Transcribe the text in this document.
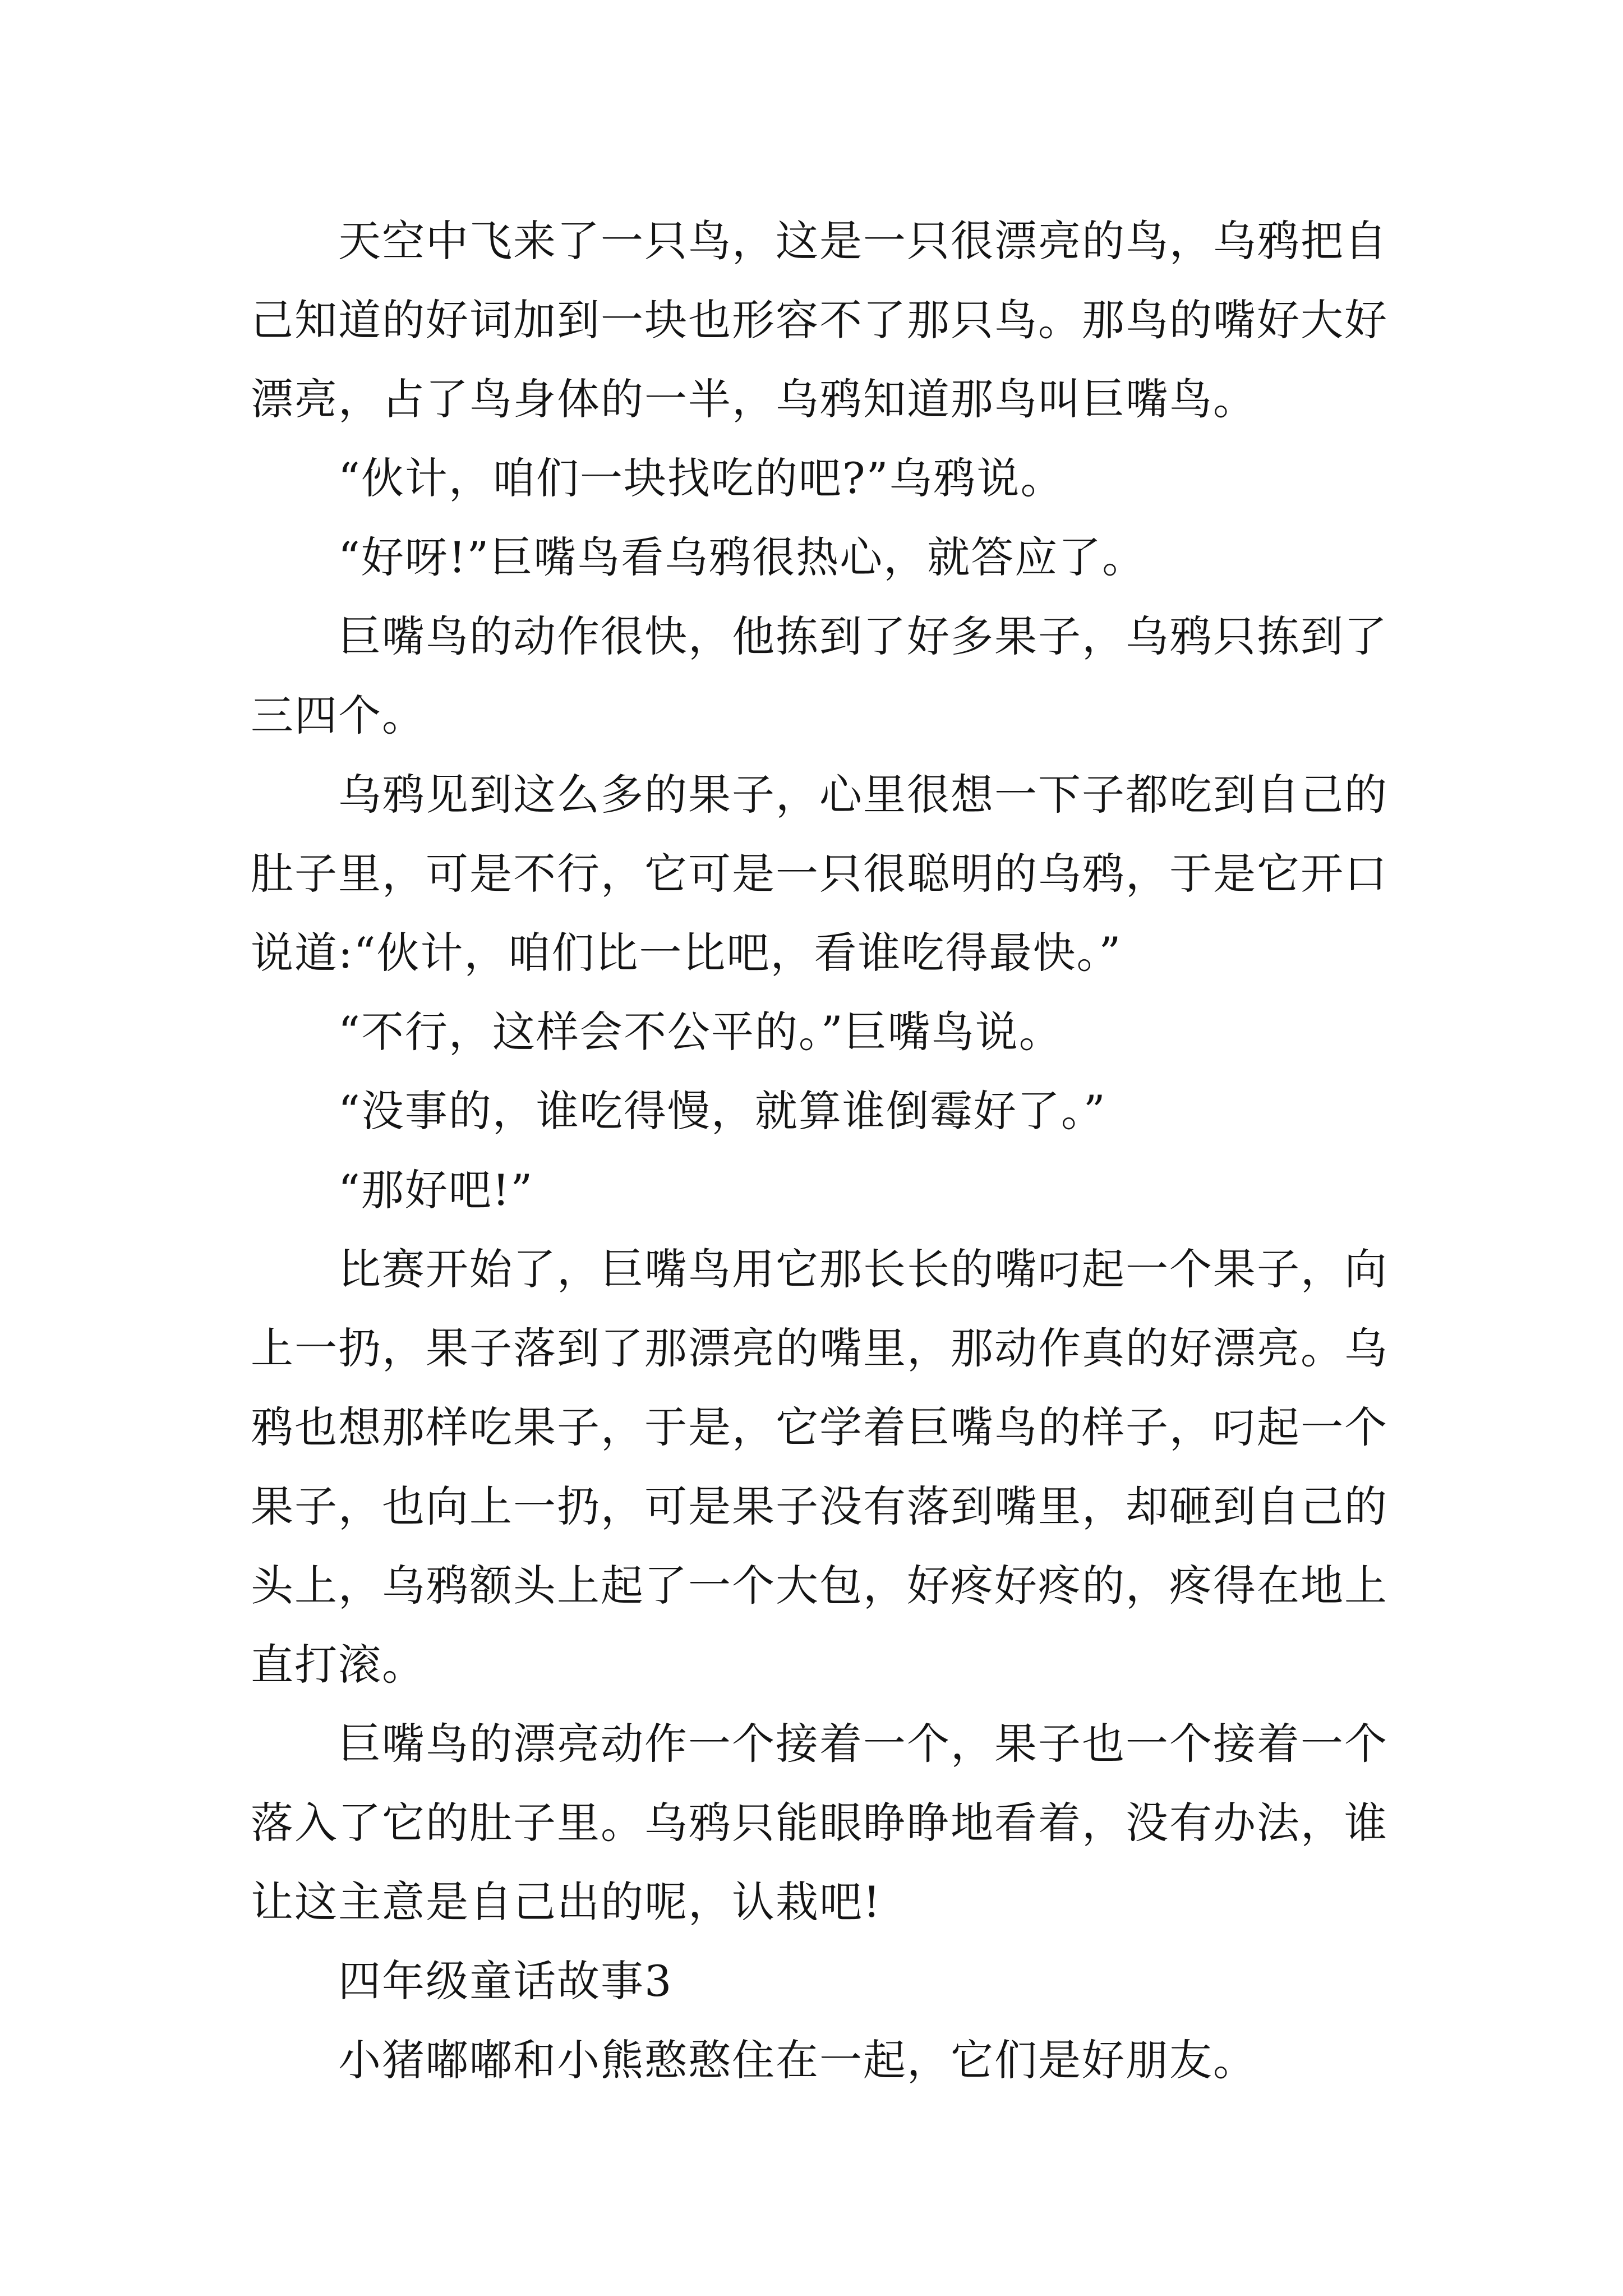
天空中飞来了一只鸟，这是一只很漂亮的鸟，乌鸦把自
己知道的好词加到一块也形容不了那只鸟。那鸟的嘴好大好
漂亮，占了鸟身体的一半，乌鸦知道那鸟叫巨嘴鸟。
“伙计，咱们一块找吃的吧?”乌鸦说。
“好呀!”巨嘴鸟看乌鸦很热心，就答应了。
巨嘴鸟的动作很快，他拣到了好多果子，乌鸦只拣到了
三四个。
乌鸦见到这么多的果子，心里很想一下子都吃到自己的
肚子里，可是不行，它可是一只很聪明的乌鸦，于是它开口
说道:“伙计，咱们比一比吧，看谁吃得最快。”
“不行，这样会不公平的。”巨嘴鸟说。
“没事的，谁吃得慢，就算谁倒霉好了。”
“那好吧!”
比赛开始了，巨嘴鸟用它那长长的嘴叼起一个果子，向
上一扔，果子落到了那漂亮的嘴里，那动作真的好漂亮。乌
鸦也想那样吃果子，于是，它学着巨嘴鸟的样子，叼起一个
果子，也向上一扔，可是果子没有落到嘴里，却砸到自己的
头上，乌鸦额头上起了一个大包，好疼好疼的，疼得在地上
直打滚。
巨嘴鸟的漂亮动作一个接着一个，果子也一个接着一个
落入了它的肚子里。乌鸦只能眼睁睁地看着，没有办法，谁
让这主意是自己出的呢，认栽吧!
四年级童话故事3
小猪嘟嘟和小熊憨憨住在一起，它们是好朋友。
